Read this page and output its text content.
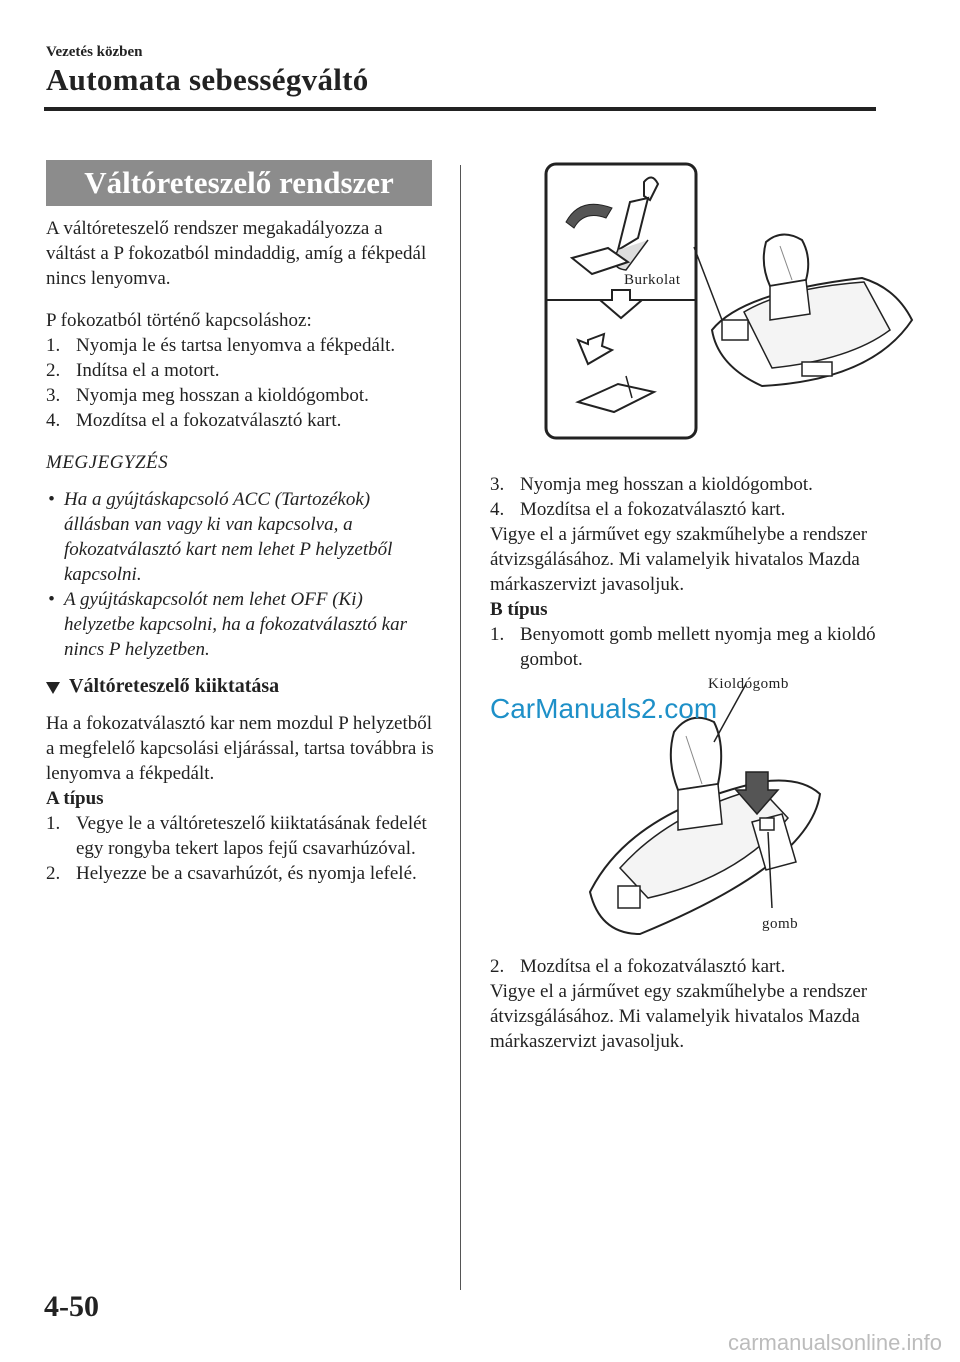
Vezetés közben
Automata sebességváltó
Váltóreteszelő rendszer

A váltóreteszelő rendszer megakadályozza a váltást a P fokozatból mindaddig, amíg a fékpedál nincs lenyomva.

P fokozatból történő kapcsoláshoz:

1. Nyomja le és tartsa lenyomva a fékpedált.
2. Indítsa el a motort.
3. Nyomja meg hosszan a kioldógombot.
4. Mozdítsa el a fokozatválasztó kart.

MEGJEGYZÉS

• Ha a gyújtáskapcsoló ACC (Tartozékok) állásban van vagy ki van kapcsolva, a fokozatválasztó kart nem lehet P helyzetből kapcsolni.
• A gyújtáskapcsolót nem lehet OFF (Ki) helyzetbe kapcsolni, ha a fokozatválasztó kar nincs P helyzetben.
Váltóreteszelő kiiktatása

Ha a fokozatválasztó kar nem mozdul P helyzetből a megfelelő kapcsolási eljárással, tartsa továbbra is lenyomva a fékpedált.

A típus

1. Vegye le a váltóreteszelő kiiktatásának fedelét egy rongyba tekert lapos fejű csavarhúzóval.
2. Helyezze be a csavarhúzót, és nyomja lefelé.
Burkolat
3. Nyomja meg hosszan a kioldógombot.
4. Mozdítsa el a fokozatválasztó kart.

Vigye el a járművet egy szakműhelybe a rendszer átvizsgálásához. Mi valamelyik hivatalos Mazda márkaszervizt javasoljuk.

B típus

1. Benyomott gomb mellett nyomja meg a kioldó gombot.
Kioldógomb
gomb
CarManuals2.com
2. Mozdítsa el a fokozatválasztó kart.

Vigye el a járművet egy szakműhelybe a rendszer átvizsgálásához. Mi valamelyik hivatalos Mazda márkaszervizt javasoljuk.

4-50
carmanualsonline.info
